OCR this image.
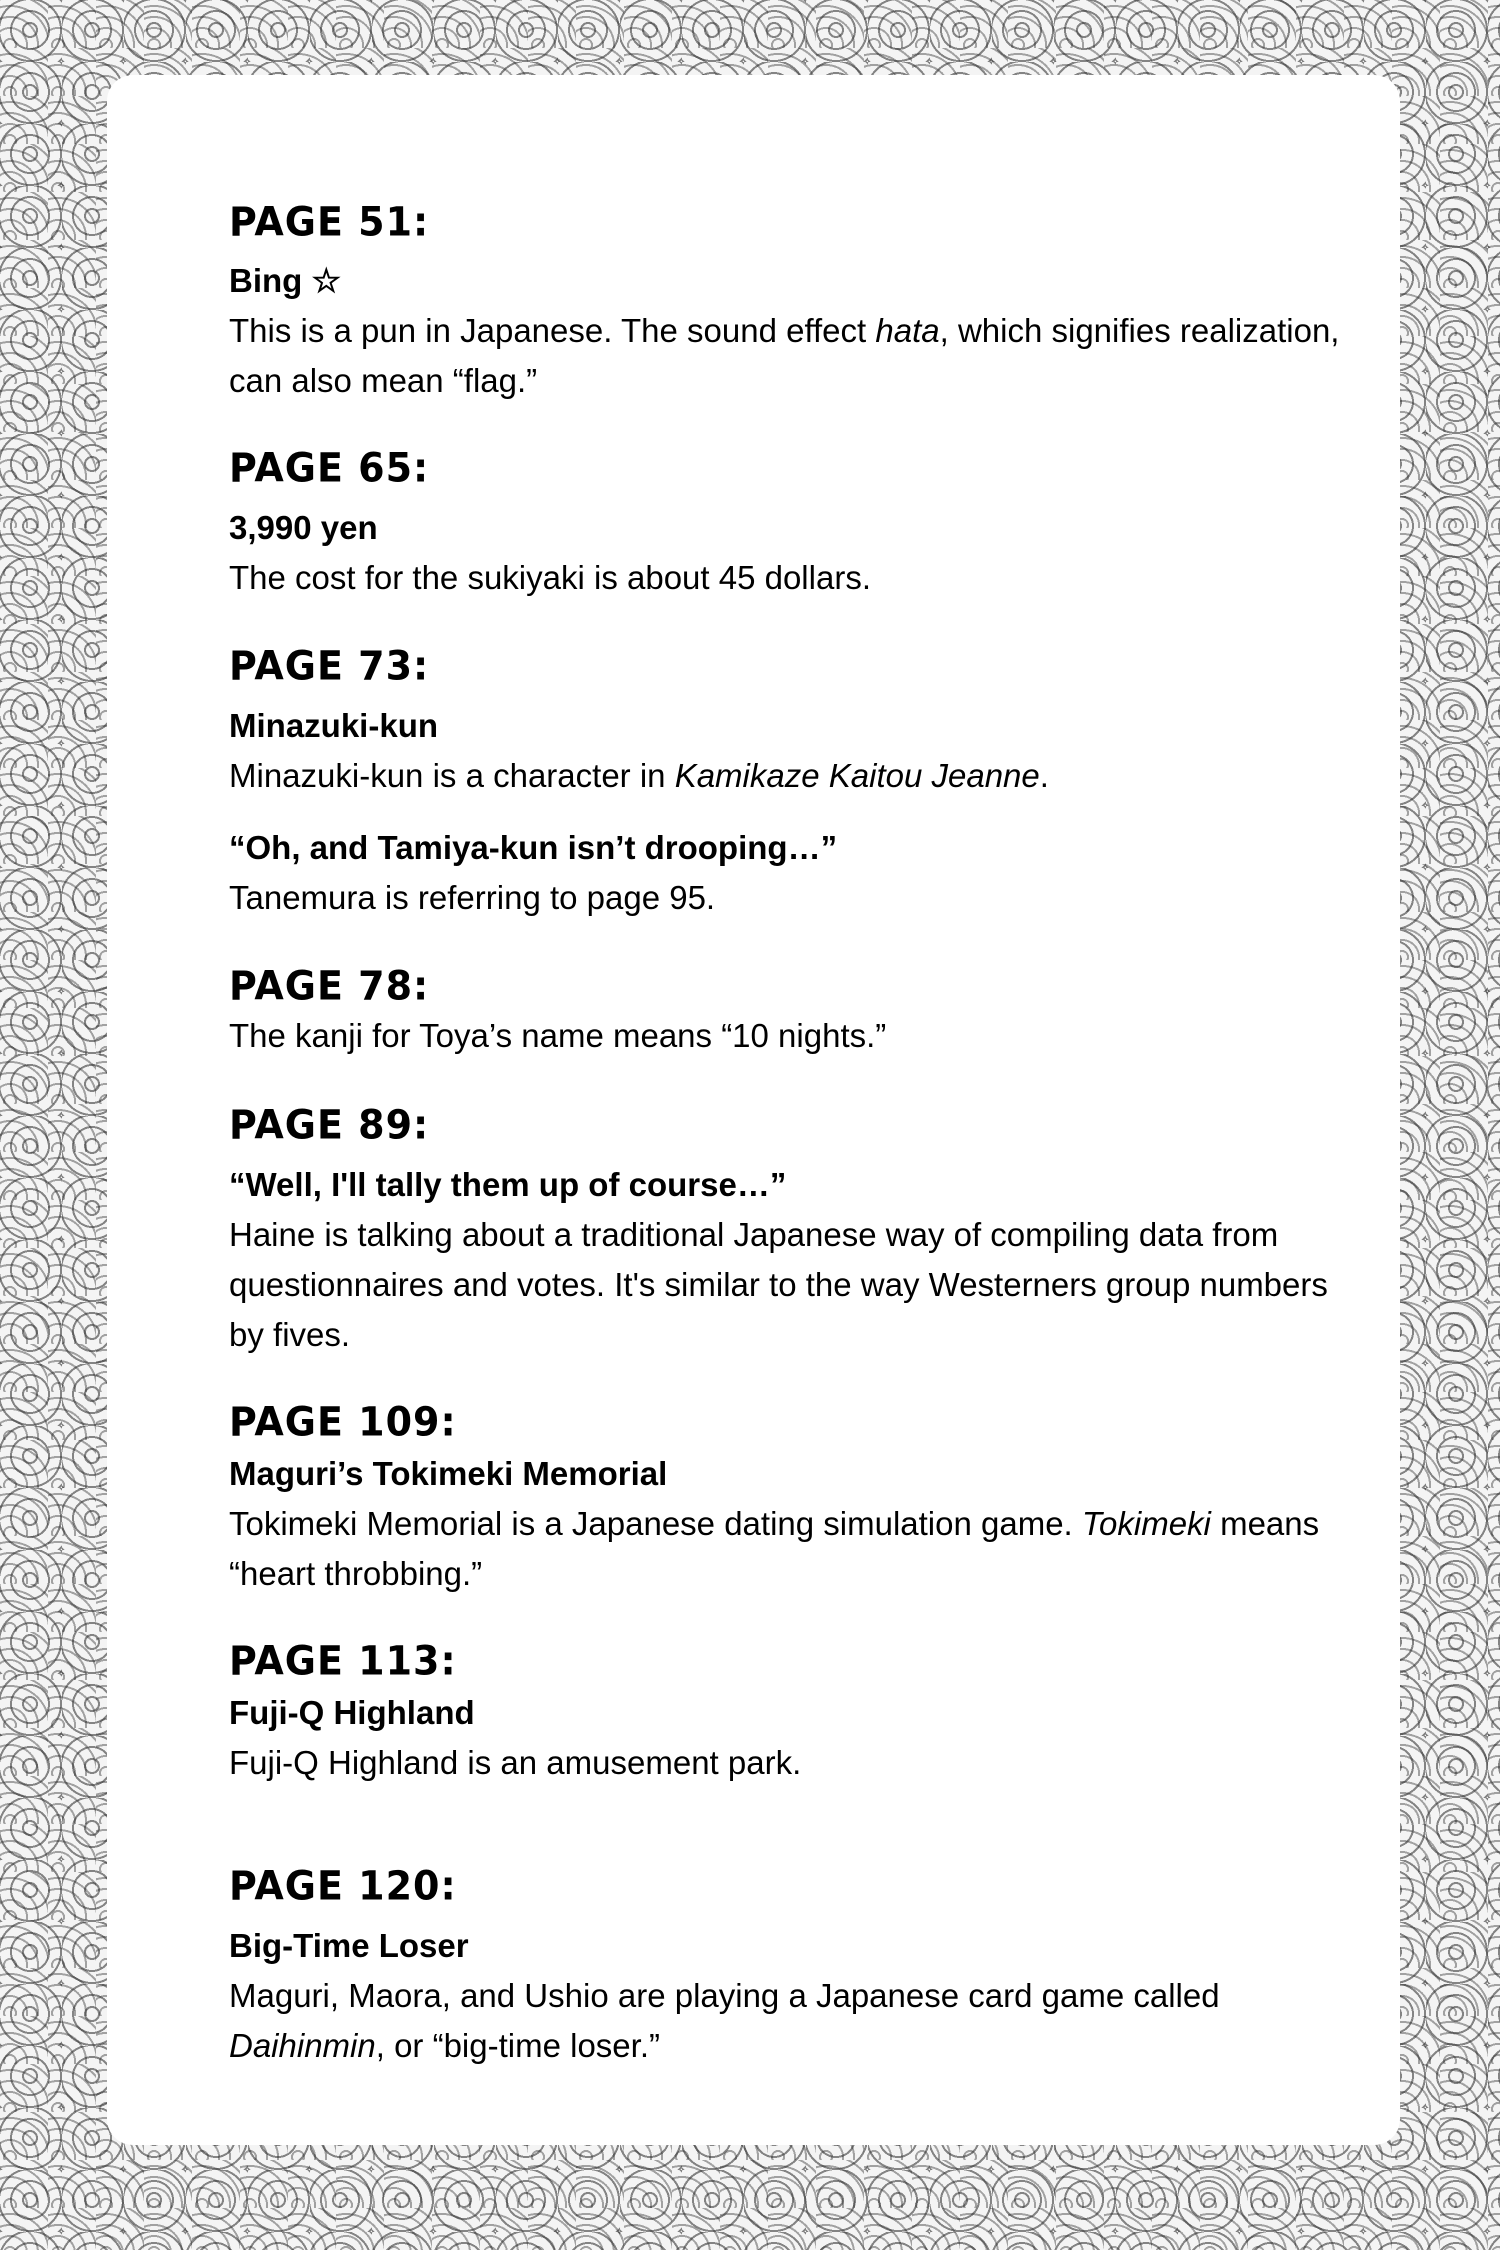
PAGE 51:
Bing ☆
This is a pun in Japanese. The sound effect hata, which signifies realization, can also mean “flag.”
PAGE 65:
3,990 yen
The cost for the sukiyaki is about 45 dollars.
PAGE 73:
Minazuki-kun
Minazuki-kun is a character in Kamikaze Kaitou Jeanne.
“Oh, and Tamiya-kun isn’t drooping…”
Tanemura is referring to page 95.
PAGE 78:
The kanji for Toya’s name means “10 nights.”
PAGE 89:
“Well, I'll tally them up of course…”
Haine is talking about a traditional Japanese way of compiling data from questionnaires and votes. It's similar to the way Westerners group numbers by fives.
PAGE 109:
Maguri’s Tokimeki Memorial
Tokimeki Memorial is a Japanese dating simulation game. Tokimeki means “heart throbbing.”
PAGE 113:
Fuji-Q Highland
Fuji-Q Highland is an amusement park.
PAGE 120:
Big-Time Loser
Maguri, Maora, and Ushio are playing a Japanese card game called Daihinmin, or “big-time loser.”
